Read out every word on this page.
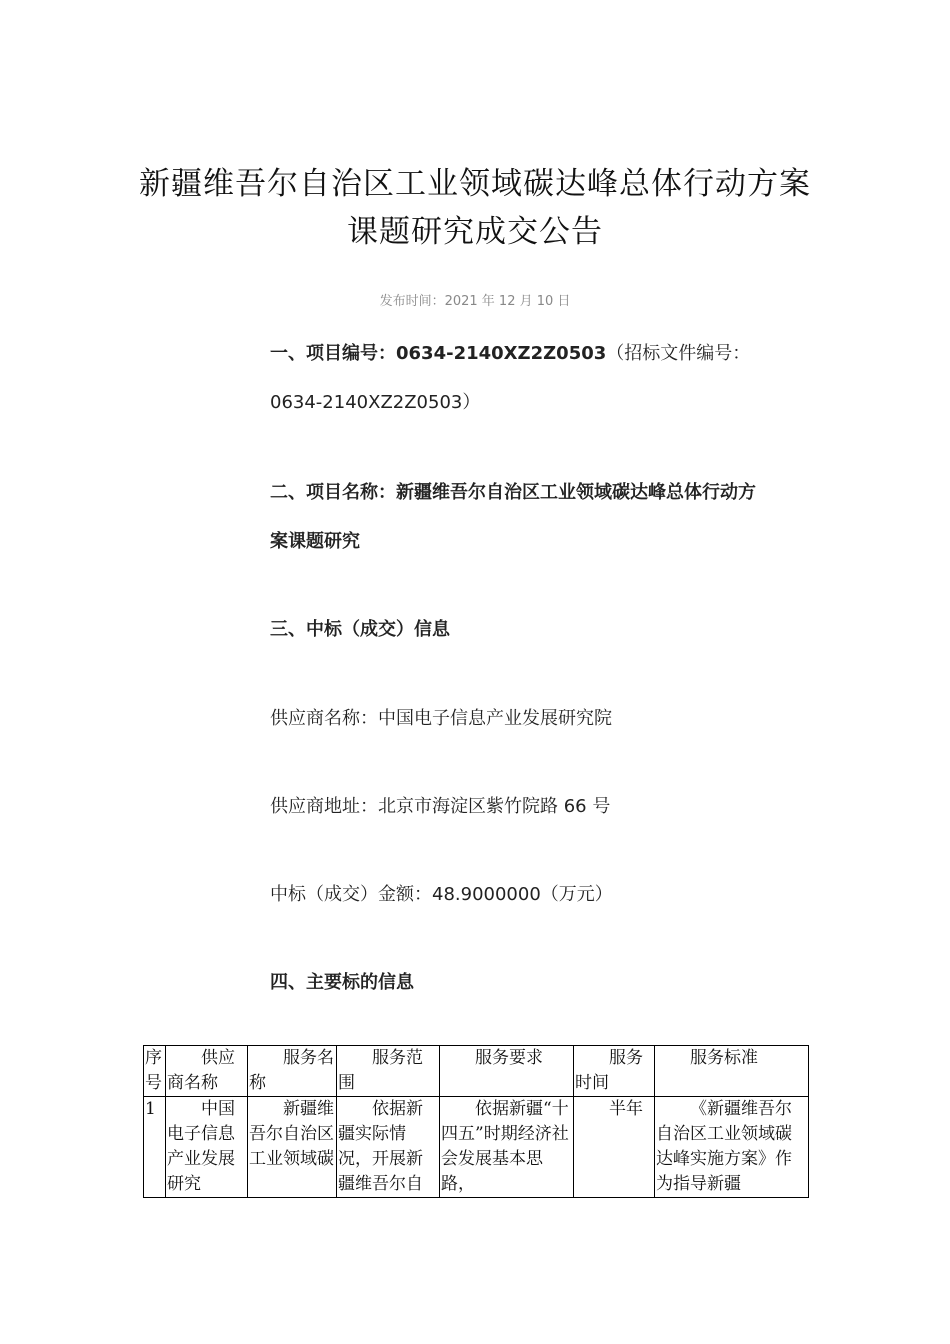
新疆维吾尔自治区工业领域碳达峰总体行动方案
课题研究成交公告
发布时间：2021 年 12 月 10 日
一、项目编号：0634-2140XZ2Z0503（招标文件编号：
0634-2140XZ2Z0503）
二、项目名称：新疆维吾尔自治区工业领域碳达峰总体行动方
案课题研究
三、中标（成交）信息
供应商名称：中国电子信息产业发展研究院
供应商地址：北京市海淀区紫竹院路 66 号
中标（成交）金额：48.9000000（万元）
四、主要标的信息
序号	供应商名称	服务名称	服务范围	服务要求	服务时间	服务标准

1	中国电子信息产业发展研究	新疆维吾尔自治区工业领域碳	依据新疆实际情况，开展新疆维吾尔自	依据新疆“十四五”时期经济社会发展基本思路，	半年	《新疆维吾尔自治区工业领域碳达峰实施方案》作为指导新疆
